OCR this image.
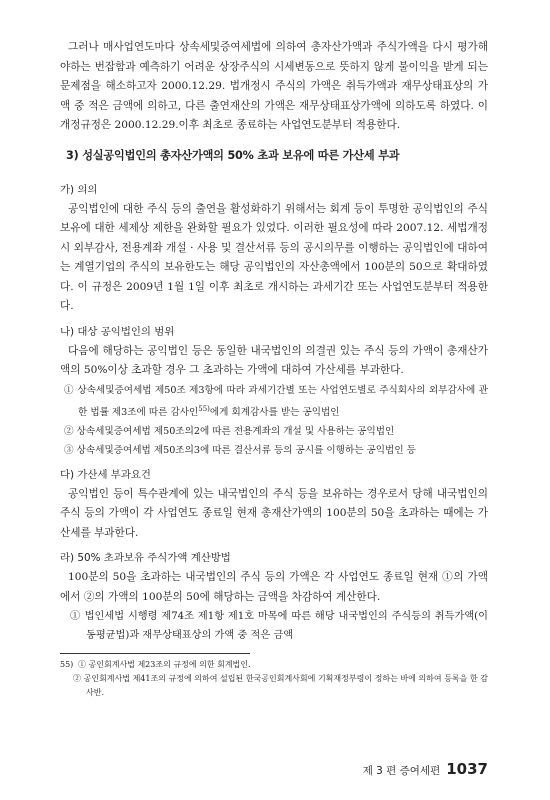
그러나 매사업연도마다 상속세및증여세법에 의하여 총자산가액과 주식가액을 다시 평가해야하는 번잡함과 예측하기 어려운 상장주식의 시세변동으로 뜻하지 않게 불이익을 받게 되는 문제점을 해소하고자 2000.12.29. 법개정시 주식의 가액은 취득가액과 재무상태표상의 가액 중 적은 금액에 의하고, 다른 출연재산의 가액은 재무상태표상가액에 의하도록 하였다. 이 개정규정은 2000.12.29.이후 최초로 종료하는 사업연도분부터 적용한다.

3) 성실공익법인의 총자산가액의 50% 초과 보유에 따른 가산세 부과
가) 의의

공익법인에 대한 주식 등의 출연을 활성화하기 위해서는 회계 등이 투명한 공익법인의 주식보유에 대한 세제상 제한을 완화할 필요가 있었다. 이러한 필요성에 따라 2007.12. 세법개정시 외부감사, 전용계좌 개설 · 사용 및 결산서류 등의 공시의무를 이행하는 공익법인에 대하여는 계열기업의 주식의 보유한도는 해당 공익법인의 자산총액에서 100분의 50으로 확대하였다. 이 규정은 2009년 1월 1일 이후 최초로 개시하는 과세기간 또는 사업연도분부터 적용한다.

나) 대상 공익법인의 범위

다음에 해당하는 공익법인 등은 동일한 내국법인의 의결권 있는 주식 등의 가액이 총재산가액의 50%이상 초과할 경우 그 초과하는 가액에 대하여 가산세를 부과한다.

① 상속세및증여세법 제50조 제3항에 따라 과세기간별 또는 사업연도별로 주식회사의 외부감사에 관한 법률 제3조에 따른 감사인$^{55)}$에게 회계감사를 받는 공익법인

② 상속세및증여세법 제50조의2에 따른 전용계좌의 개설 및 사용하는 공익법인

③ 상속세및증여세법 제50조의3에 따른 결산서류 등의 공시를 이행하는 공익법인 등

다) 가산세 부과요건

공익법인 등이 특수관계에 있는 내국법인의 주식 등을 보유하는 경우로서 당해 내국법인의 주식 등의 가액이 각 사업연도 종료일 현재 총재산가액의 100분의 50을 초과하는 때에는 가산세를 부과한다.

라) 50% 초과보유 주식가액 계산방법

100분의 50을 초과하는 내국법인의 주식 등의 가액은 각 사업연도 종료일 현재 ①의 가액에서 ②의 가액의 100분의 50에 해당하는 금액을 차감하여 계산한다.

① 법인세법 시행령 제74조 제1항 제1호 마목에 따른 해당 내국법인의 주식등의 취득가액(이동평균법)과 재무상태표상의 가액 중 적은 금액

55) ① 공인회계사법 제23조의 규정에 의한 회계법인.

② 공인회계사법 제41조의 규정에 의하여 설립된 한국공인회계사회에 기획재정부령이 정하는 바에 의하여 등록을 한 감사반.

제 3 편 증여세편 1037
